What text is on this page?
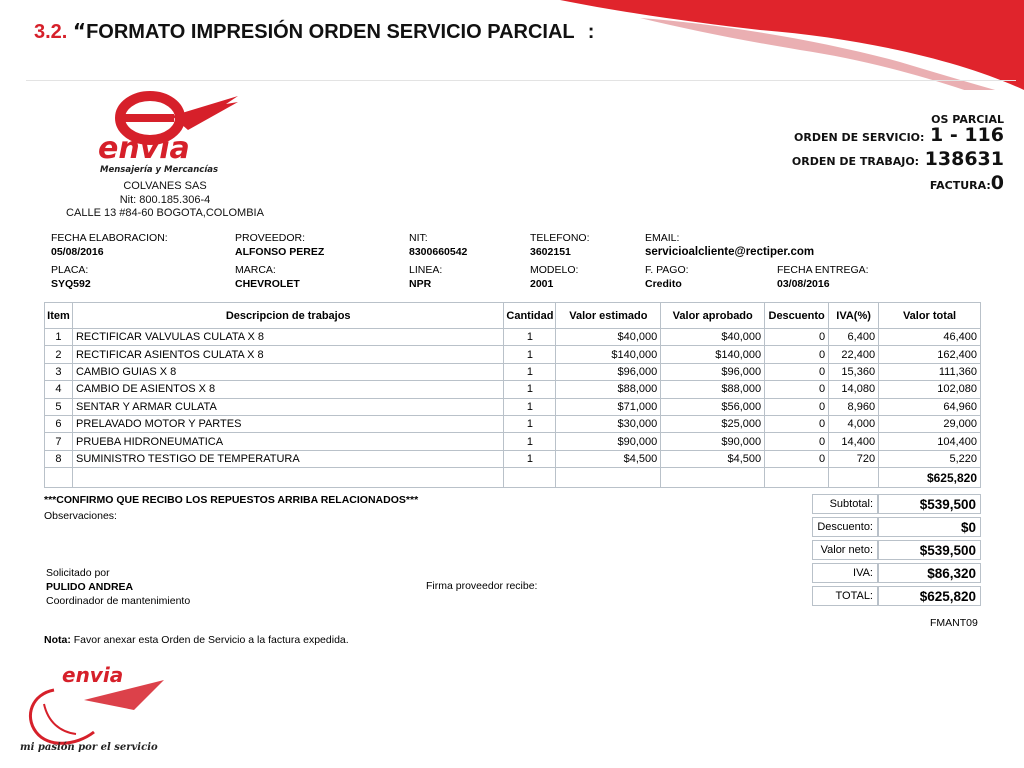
3.2. “FORMATO IMPRESIÓN ORDEN SERVICIO PARCIAL”:
envia
Mensajería y Mercancías
COLVANES SAS
Nit: 800.185.306-4
CALLE 13 #84-60 BOGOTA,COLOMBIA
OS PARCIAL
ORDEN DE SERVICIO: 1 - 116
ORDEN DE TRABAJO: 138631
FACTURA:0
FECHA ELABORACION:
05/08/2016
PROVEEDOR:
ALFONSO PEREZ
NIT:
8300660542
TELEFONO:
3602151
EMAIL:
servicioalcliente@rectiper.com
PLACA:
SYQ592
MARCA:
CHEVROLET
LINEA:
NPR
MODELO:
2001
F. PAGO:
Credito
FECHA ENTREGA:
03/08/2016
Item	Descripcion de trabajos	Cantidad	Valor estimado	Valor aprobado	Descuento	IVA(%)	Valor total
1	RECTIFICAR VALVULAS CULATA X 8	1	$40,000	$40,000	0	6,400	46,400
2	RECTIFICAR ASIENTOS CULATA X 8	1	$140,000	$140,000	0	22,400	162,400
3	CAMBIO GUIAS X 8	1	$96,000	$96,000	0	15,360	111,360
4	CAMBIO DE ASIENTOS X 8	1	$88,000	$88,000	0	14,080	102,080
5	SENTAR Y ARMAR CULATA	1	$71,000	$56,000	0	8,960	64,960
6	PRELAVADO MOTOR Y PARTES	1	$30,000	$25,000	0	4,000	29,000
7	PRUEBA HIDRONEUMATICA	1	$90,000	$90,000	0	14,400	104,400
8	SUMINISTRO TESTIGO DE TEMPERATURA	1	$4,500	$4,500	0	720	5,220
							$625,820
***CONFIRMO QUE RECIBO LOS REPUESTOS ARRIBA RELACIONADOS***
Observaciones:
Solicitado por
PULIDO ANDREA
Coordinador de mantenimiento
Firma proveedor recibe:
Subtotal:	$539,500
Descuento:	$0
Valor neto:	$539,500
IVA:	$86,320
TOTAL:	$625,820
FMANT09
Nota: Favor anexar esta Orden de Servicio a la factura expedida.
envia
mi pasión por el servicio
